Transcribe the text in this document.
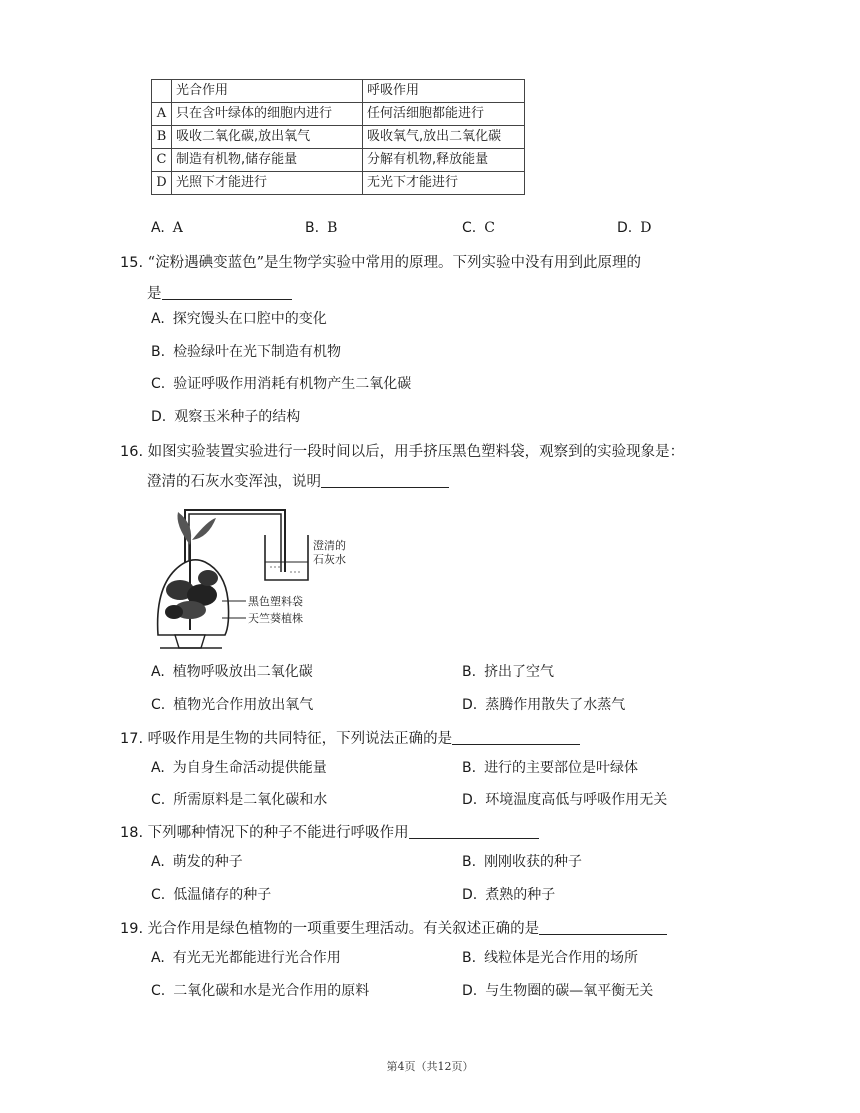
	光合作用	呼吸作用
A	只在含叶绿体的细胞内进行	任何活细胞都能进行
B	吸收二氧化碳,放出氧气	吸收氧气,放出二氧化碳
C	制造有机物,储存能量	分解有机物,释放能量
D	光照下才能进行	无光下才能进行
A. A	B. B	C. C	D. D
15. “淀粉遇碘变蓝色”是生物学实验中常用的原理。下列实验中没有用到此原理的
是
A. 探究馒头在口腔中的变化
B. 检验绿叶在光下制造有机物
C. 验证呼吸作用消耗有机物产生二氧化碳
D. 观察玉米种子的结构
16. 如图实验装置实验进行一段时间以后，用手挤压黑色塑料袋，观察到的实验现象是：
澄清的石灰水变浑浊，说明
澄清的
石灰水
黑色塑料袋
天竺葵植株
A. 植物呼吸放出二氧化碳	B. 挤出了空气
C. 植物光合作用放出氧气	D. 蒸腾作用散失了水蒸气
17. 呼吸作用是生物的共同特征，下列说法正确的是
A. 为自身生命活动提供能量	B. 进行的主要部位是叶绿体
C. 所需原料是二氧化碳和水	D. 环境温度高低与呼吸作用无关
18. 下列哪种情况下的种子不能进行呼吸作用
A. 萌发的种子	B. 刚刚收获的种子
C. 低温储存的种子	D. 煮熟的种子
19. 光合作用是绿色植物的一项重要生理活动。有关叙述正确的是
A. 有光无光都能进行光合作用	B. 线粒体是光合作用的场所
C. 二氧化碳和水是光合作用的原料	D. 与生物圈的碳—氧平衡无关
第4页（共12页）
